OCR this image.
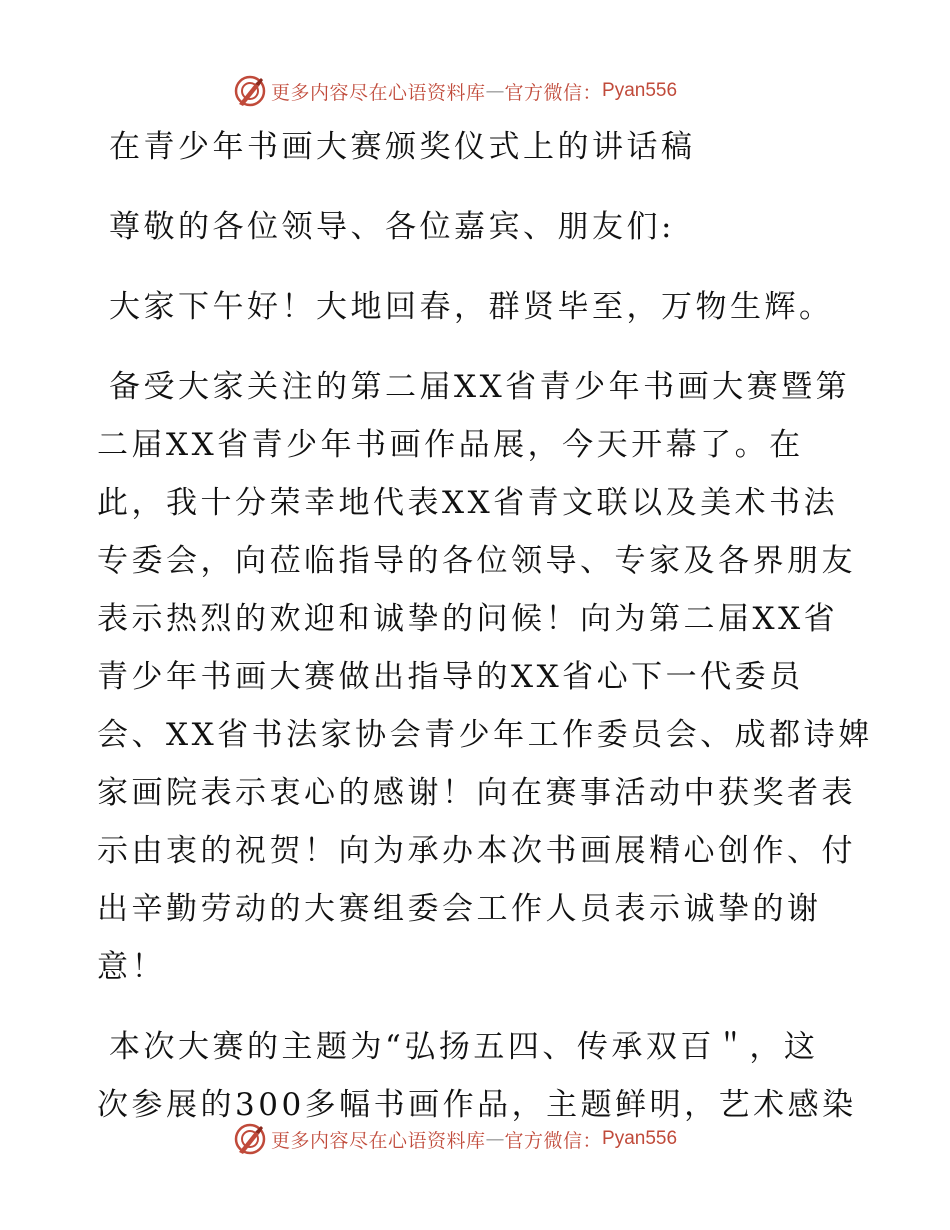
更多内容尽在心语资料库 — 官方微信： Pyan556
在青少年书画大赛颁奖仪式上的讲话稿
尊敬的各位领导、各位嘉宾、朋友们:
大家下午好！大地回春，群贤毕至，万物生辉。
备受大家关注的第二届XX省青少年书画大赛暨第
二届XX省青少年书画作品展，今天开幕了。在
此，我十分荣幸地代表XX省青文联以及美术书法
专委会，向莅临指导的各位领导、专家及各界朋友
表示热烈的欢迎和诚挚的问候！向为第二届XX省
青少年书画大赛做出指导的XX省心下一代委员
会、XX省书法家协会青少年工作委员会、成都诗婢
家画院表示衷心的感谢！向在赛事活动中获奖者表
示由衷的祝贺！向为承办本次书画展精心创作、付
出辛勤劳动的大赛组委会工作人员表示诚挚的谢
意！
本次大赛的主题为“弘扬五四、传承双百＂，这
次参展的300多幅书画作品，主题鲜明，艺术感染
更多内容尽在心语资料库 — 官方微信： Pyan556
